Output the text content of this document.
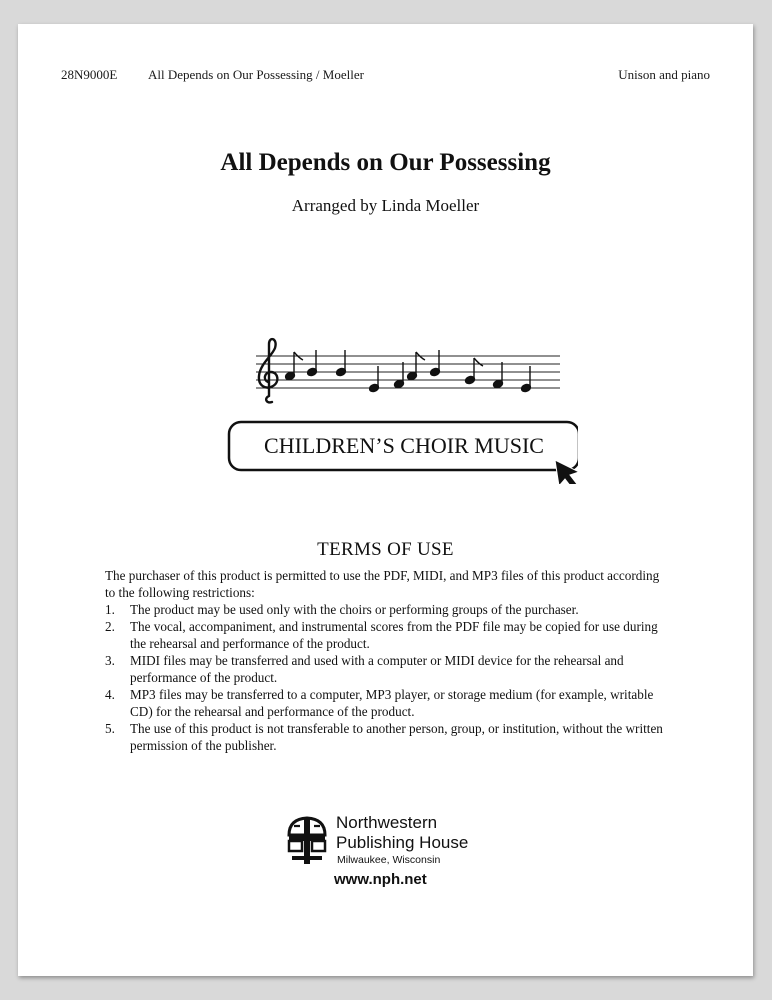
28N9000E All Depends on Our Possessing / Moeller	Unison and piano
All Depends on Our Possessing
Arranged by Linda Moeller
CHILDREN’S CHOIR MUSIC
TERMS OF USE

The purchaser of this product is permitted to use the PDF, MIDI, and MP3 files of this product according to the following restrictions:

1. The product may be used only with the choirs or performing groups of the purchaser.
2. The vocal, accompaniment, and instrumental scores from the PDF file may be copied for use during the rehearsal and performance of the product.
3. MIDI files may be transferred and used with a computer or MIDI device for the rehearsal and performance of the product.
4. MP3 files may be transferred to a computer, MP3 player, or storage medium (for example, writable CD) for the rehearsal and performance of the product.
5. The use of this product is not transferable to another person, group, or institution, without the written permission of the publisher.
Northwestern
Publishing House
Milwaukee, Wisconsin
www.nph.net
